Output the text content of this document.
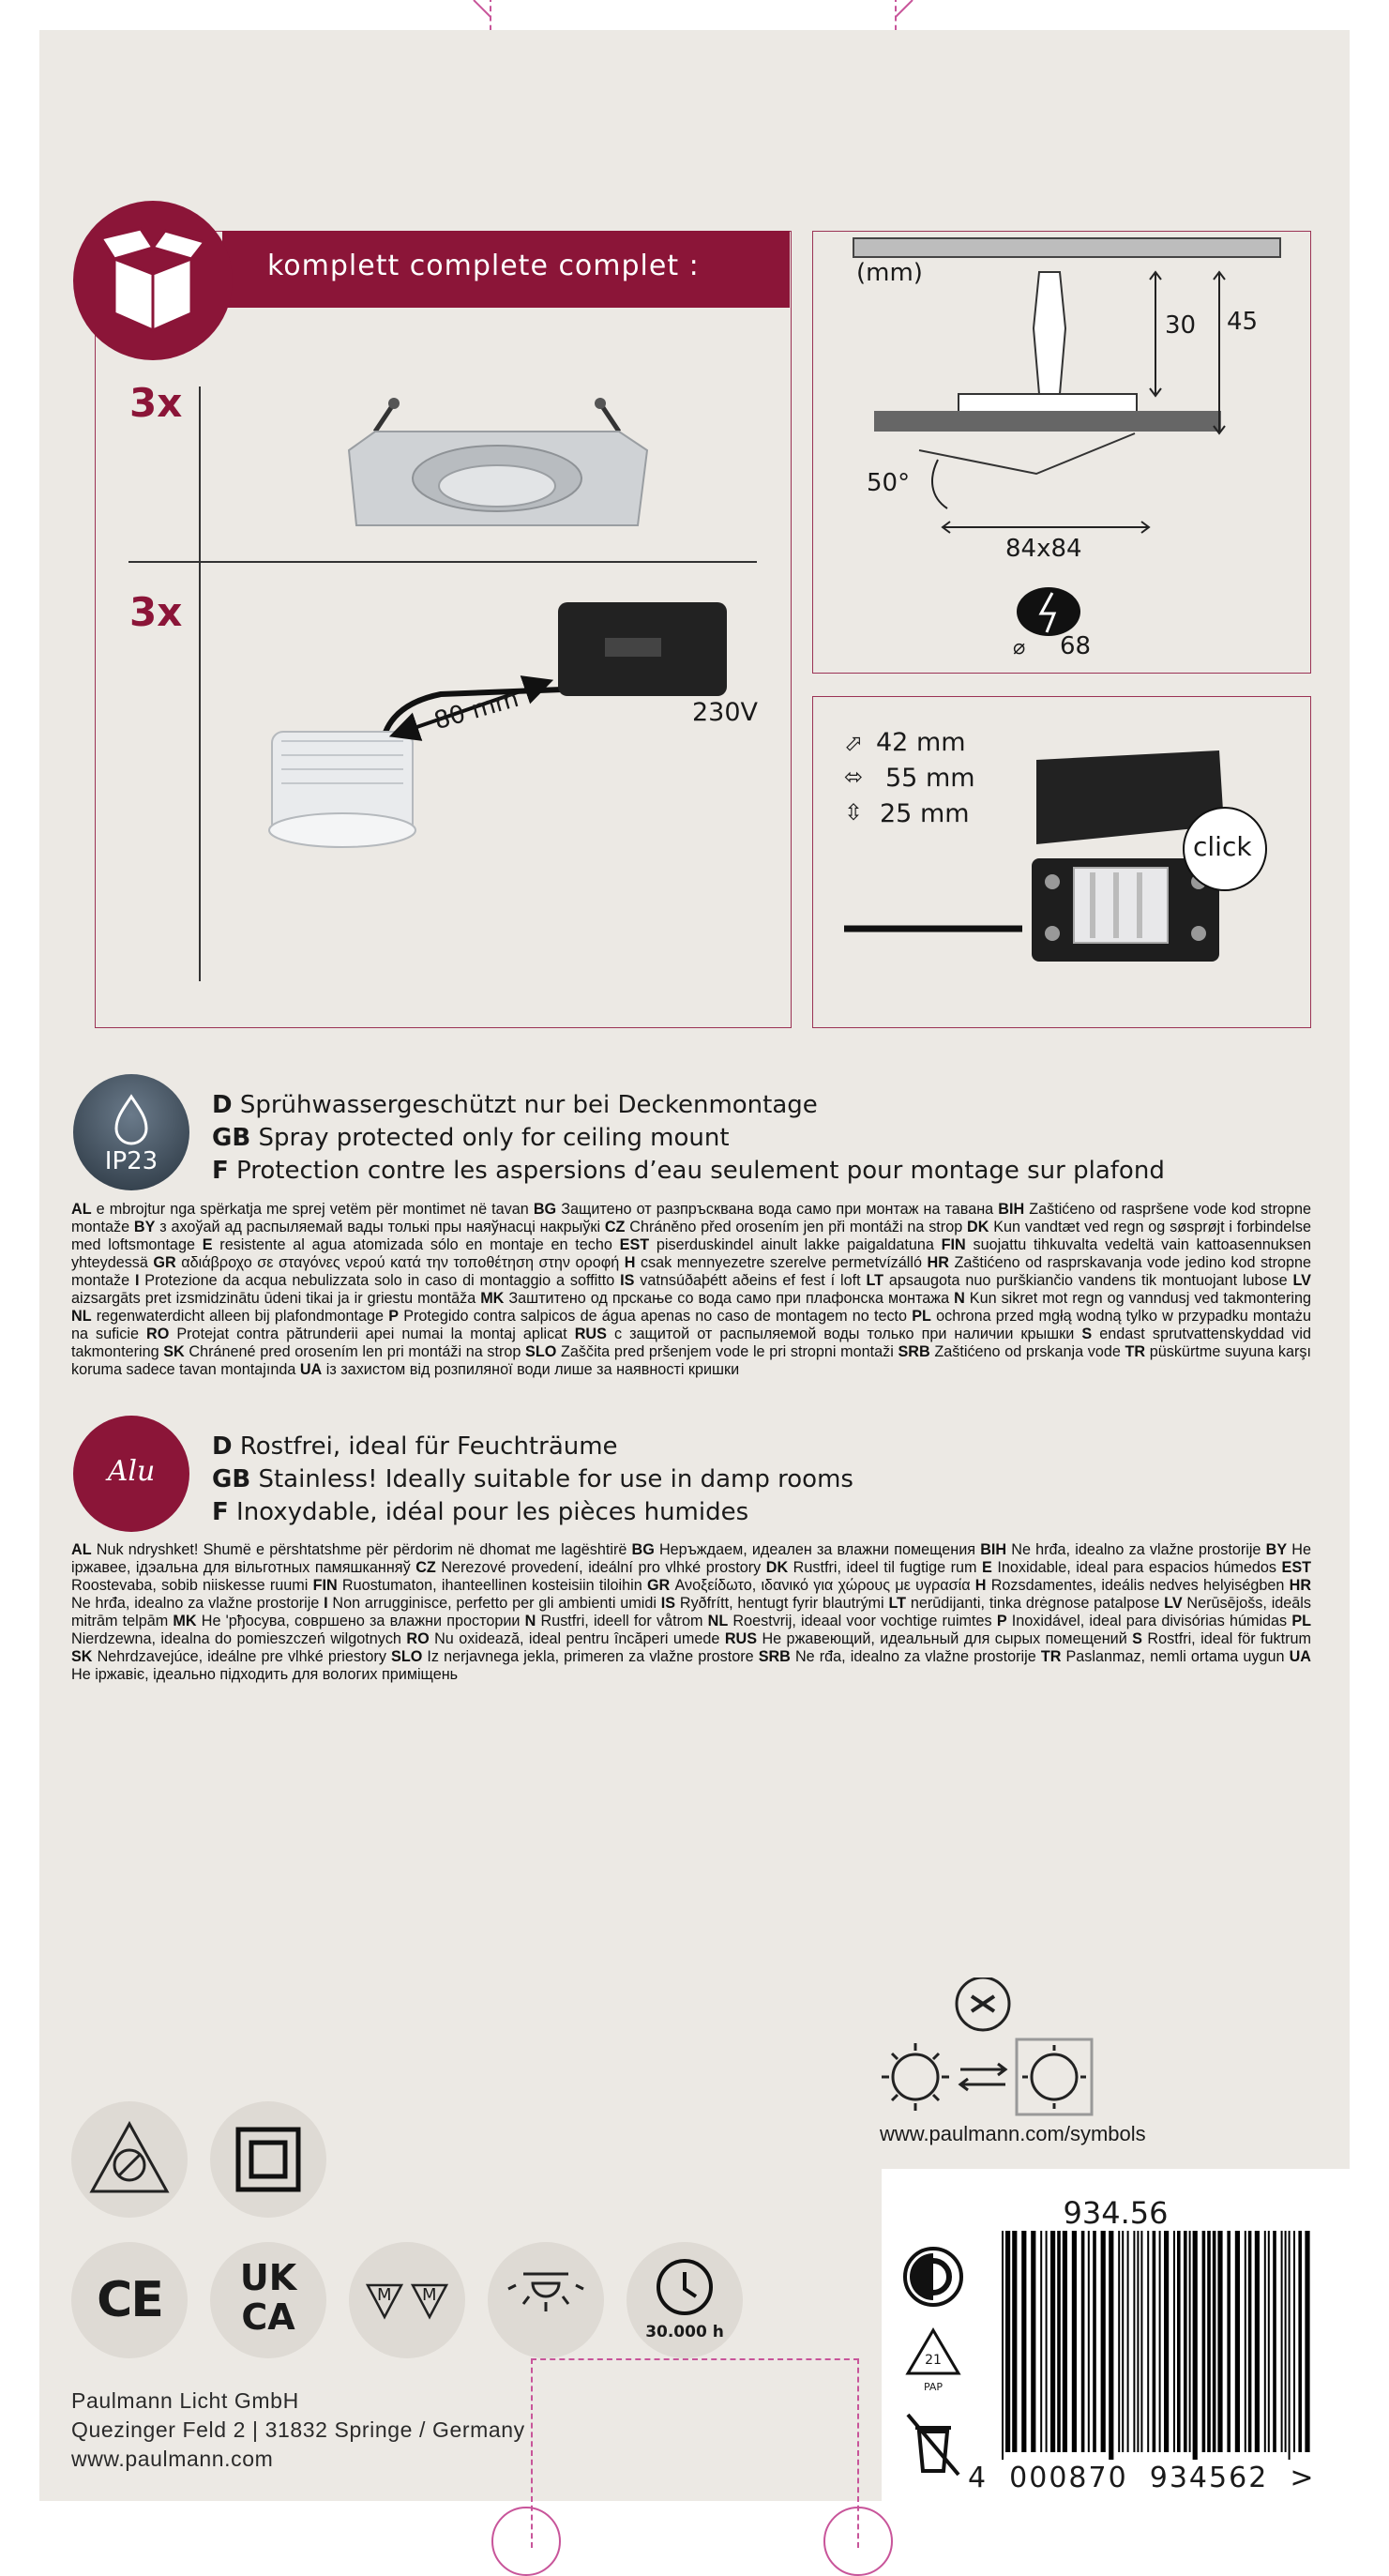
komplett complete complet :
3x
3x
80 mm	230V
(mm)
30 45
50°
84x84
⌀ 68
⬀ 42 mm
⬄ 55 mm
⇳ 25 mm
click
IP23
D Sprühwassergeschützt nur bei Deckenmontage
GB Spray protected only for ceiling mount
F Protection contre les aspersions d’eau seulement pour montage sur plafond
AL e mbrojtur nga spërkatja me sprej vetëm për montimet në tavan BG Защитено от разпръсквана вода само при монтаж на тавана BIH Zaštićeno od raspršene vode kod stropne montaže BY з ахоўай ад распыляемай вады толькі пры наяўнасці накрыўкі CZ Chráněno před orosením jen při montáži na strop DK Kun vandtæt ved regn og søsprøjt i forbindelse med loftsmontage E resistente al agua atomizada sólo en montaje en techo EST piserduskindel ainult lakke paigaldatuna FIN suojattu tihkuvalta vedeltä vain kattoasennuksen yhteydessä GR αδιάβροχο σε σταγόνες νερού κατά την τοποθέτηση στην οροφή H csak mennyezetre szerelve permetvízálló HR Zaštićeno od rasprskavanja vode jedino kod stropne montaže I Protezione da acqua nebulizzata solo in caso di montaggio a soffitto IS vatnsúðaþétt aðeins ef fest í loft LT apsaugota nuo purškiančio vandens tik montuojant lubose LV aizsargāts pret izsmidzinātu ūdeni tikai ja ir griestu montāža MK Заштитено од прскање со вода само при плафонска монтажа N Kun sikret mot regn og vanndusj ved takmontering NL regenwaterdicht alleen bij plafondmontage P Protegido contra salpicos de água apenas no caso de montagem no tecto PL ochrona przed mgłą wodną tylko w przypadku montażu na suficie RO Protejat contra pătrunderii apei numai la montaj aplicat RUS с защитой от распыляемой воды только при наличии крышки S endast sprutvattenskyddad vid takmontering SK Chránené pred orosením len pri montáži na strop SLO Zaščita pred pršenjem vode le pri stropni montaži SRB Zaštićeno od prskanja vode TR püskürtme suyuna karşı koruma sadece tavan montajında UA із захистом від розпиляної води лише за наявності кришки
Alu
D Rostfrei, ideal für Feuchträume
GB Stainless! Ideally suitable for use in damp rooms
F Inoxydable, idéal pour les pièces humides
AL Nuk ndryshket! Shumë e përshtatshme për përdorim në dhomat me lagështirë BG Неръждаем, идеален за влажни помещения BIH Ne hrđa, idealno za vlažne prostorije BY Не іржавее, ідэальна для вільготных памяшканняў CZ Nerezové provedení, ideální pro vlhké prostory DK Rustfri, ideel til fugtige rum E Inoxidable, ideal para espacios húmedos EST Roostevaba, sobib niiskesse ruumi FIN Ruostumaton, ihanteellinen kosteisiin tiloihin GR Ανοξείδωτο, ιδανικό για χώρους με υγρασία H Rozsdamentes, ideális nedves helyiségben HR Ne hrđa, idealno za vlažne prostorije I Non arrugginisce, perfetto per gli ambienti umidi IS Ryðfrítt, hentugt fyrir blautrými LT nerūdijanti, tinka drėgnose patalpose LV Nerūsējošs, ideāls mitrām telpām MK Не 'рђосува, совршено за влажни простории N Rustfri, ideell for våtrom NL Roestvrij, ideaal voor vochtige ruimtes P Inoxidável, ideal para divisórias húmidas PL Nierdzewna, idealna do pomieszczeń wilgotnych RO Nu oxidează, ideal pentru încăperi umede RUS Не ржавеющий, идеальный для сырых помещений S Rostfri, ideal för fuktrum SK Nehrdzavejúce, ideálne pre vlhké priestory SLO Iz nerjavnega jekla, primeren za vlažne prostore SRB Ne rđa, idealno za vlažne prostorije TR Paslanmaz, nemli ortama uygun UA Не іржавіє, ідеально підходить для вологих приміщень
www.paulmann.com/symbols
CE	UK
CA
M M
30.000 h
Paulmann Licht GmbH
Quezinger Feld 2 | 31832 Springe / Germany
www.paulmann.com
934.56
21
PAP
4  000870  934562  >
